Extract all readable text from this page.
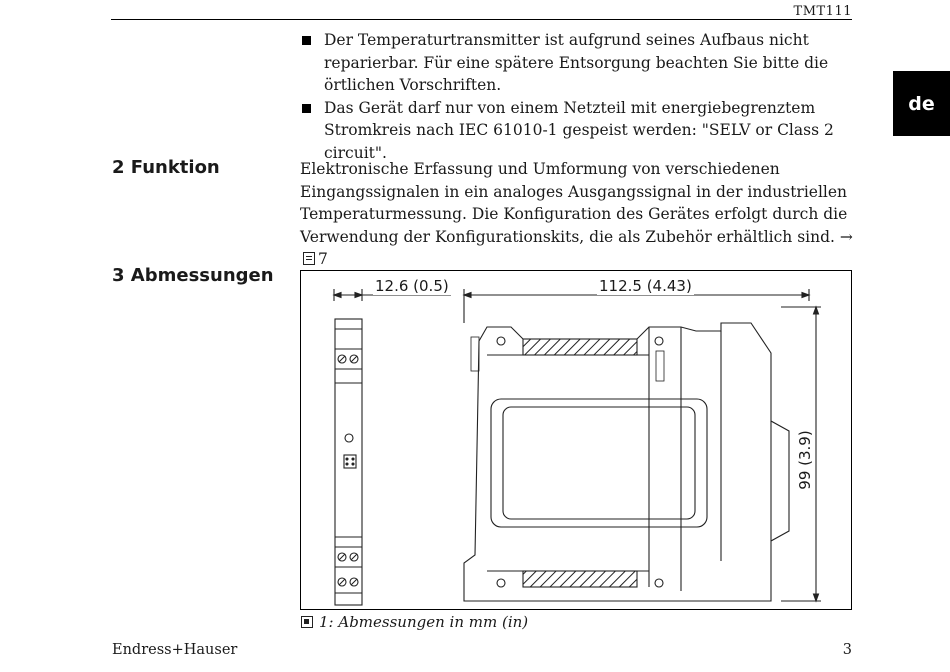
TMT111
de
Der Temperaturtransmitter ist aufgrund seines Aufbaus nicht reparierbar. Für eine spätere Entsorgung beachten Sie bitte die örtlichen Vorschriften.
Das Gerät darf nur von einem Netzteil mit energiebegrenztem Stromkreis nach IEC 61010-1 gespeist werden: "SELV or Class 2 circuit".
2 Funktion	Elektronische Erfassung und Umformung von verschiedenen Eingangssignalen in ein analoges Ausgangssignal in der industriellen Temperaturmessung. Die Konfiguration des Gerätes erfolgt durch die Verwendung der Konfigurationskits, die als Zubehör erhältlich sind. →7

3 Abmessungen	12.6 (0.5)	112.5 (4.43)
99 (3.9)
1: Abmessungen in mm (in)
Endress+Hauser	3
